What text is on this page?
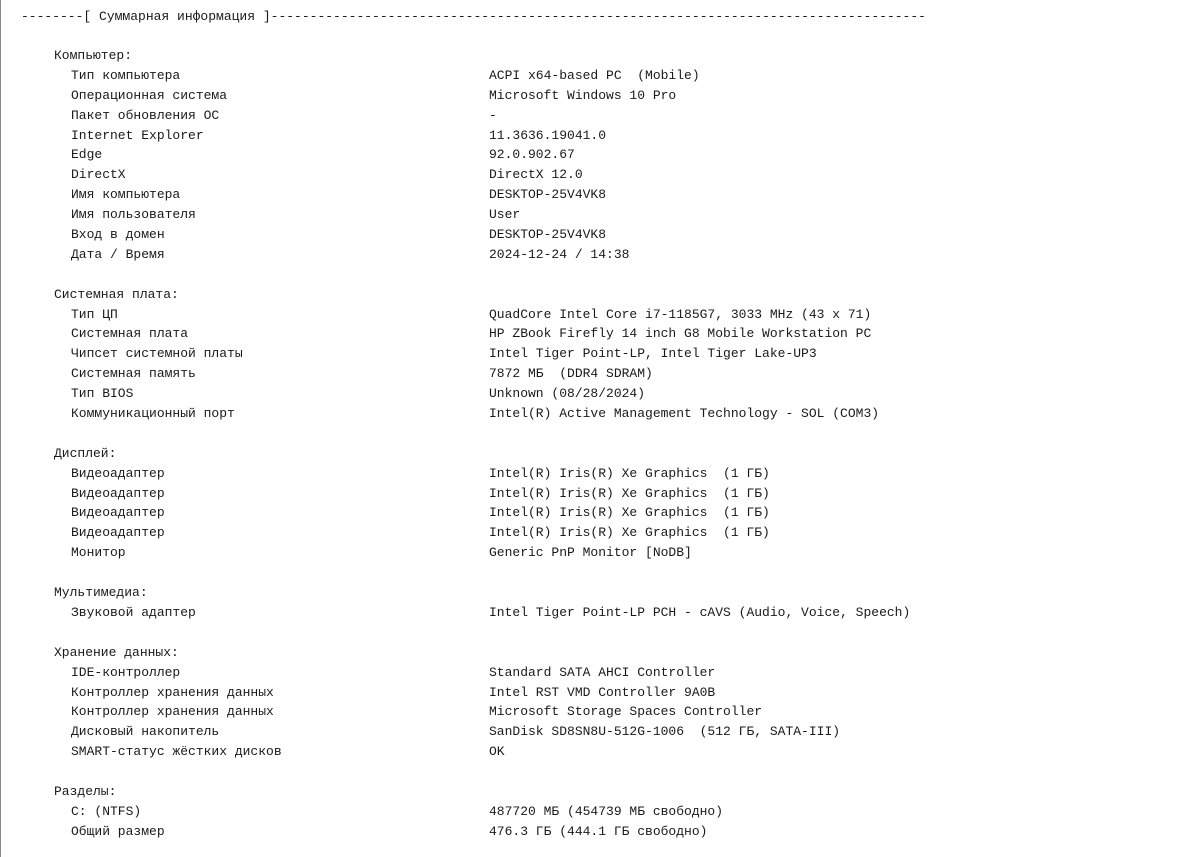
--------[ Суммарная информация ]------------------------------------------------------------------------------------
Компьютер:
Тип компьютера	ACPI x64-based PC  (Mobile)
Операционная система	Microsoft Windows 10 Pro
Пакет обновления ОС	-
Internet Explorer	11.3636.19041.0
Edge	92.0.902.67
DirectX	DirectX 12.0
Имя компьютера	DESKTOP-25V4VK8
Имя пользователя	User
Вход в домен	DESKTOP-25V4VK8
Дата / Время	2024-12-24 / 14:38
Системная плата:
Тип ЦП	QuadCore Intel Core i7-1185G7, 3033 MHz (43 x 71)
Системная плата	HP ZBook Firefly 14 inch G8 Mobile Workstation PC
Чипсет системной платы	Intel Tiger Point-LP, Intel Tiger Lake-UP3
Системная память	7872 МБ  (DDR4 SDRAM)
Тип BIOS	Unknown (08/28/2024)
Коммуникационный порт	Intel(R) Active Management Technology - SOL (COM3)
Дисплей:
Видеоадаптер	Intel(R) Iris(R) Xe Graphics  (1 ГБ)
Видеоадаптер	Intel(R) Iris(R) Xe Graphics  (1 ГБ)
Видеоадаптер	Intel(R) Iris(R) Xe Graphics  (1 ГБ)
Видеоадаптер	Intel(R) Iris(R) Xe Graphics  (1 ГБ)
Монитор	Generic PnP Monitor [NoDB]
Мультимедиа:
Звуковой адаптер	Intel Tiger Point-LP PCH - cAVS (Audio, Voice, Speech)
Хранение данных:
IDE-контроллер	Standard SATA AHCI Controller
Контроллер хранения данных	Intel RST VMD Controller 9A0B
Контроллер хранения данных	Microsoft Storage Spaces Controller
Дисковый накопитель	SanDisk SD8SN8U-512G-1006  (512 ГБ, SATA-III)
SMART-статус жёстких дисков	OK
Разделы:
C: (NTFS)	487720 МБ (454739 МБ свободно)
Общий размер	476.3 ГБ (444.1 ГБ свободно)
